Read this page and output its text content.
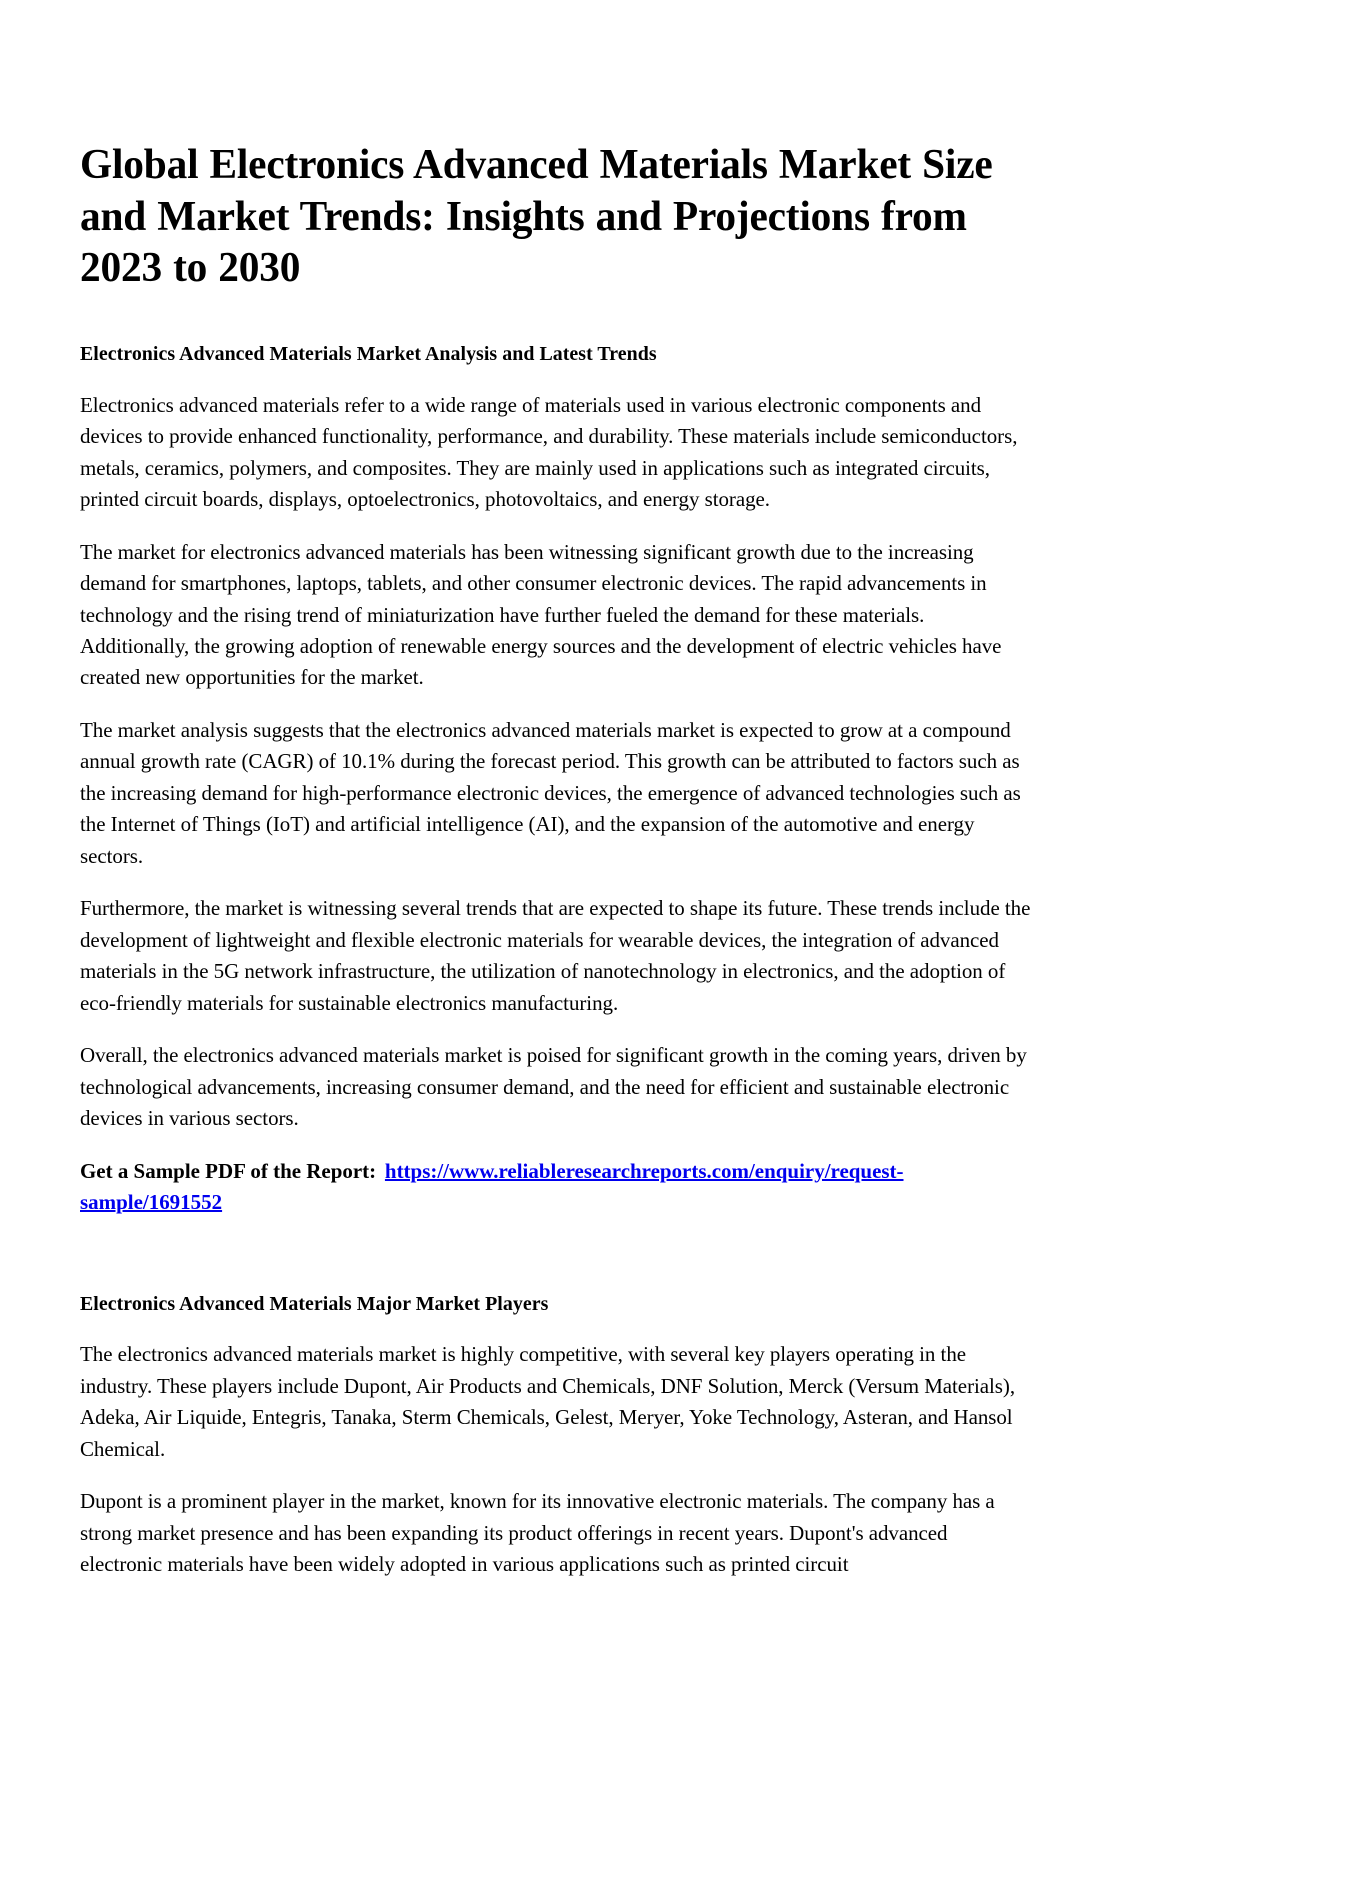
Global Electronics Advanced Materials Market Size and Market Trends: Insights and Projections from 2023 to 2030
Electronics Advanced Materials Market Analysis and Latest Trends

Electronics advanced materials refer to a wide range of materials used in various electronic components and devices to provide enhanced functionality, performance, and durability. These materials include semiconductors, metals, ceramics, polymers, and composites. They are mainly used in applications such as integrated circuits, printed circuit boards, displays, optoelectronics, photovoltaics, and energy storage.

The market for electronics advanced materials has been witnessing significant growth due to the increasing demand for smartphones, laptops, tablets, and other consumer electronic devices. The rapid advancements in technology and the rising trend of miniaturization have further fueled the demand for these materials. Additionally, the growing adoption of renewable energy sources and the development of electric vehicles have created new opportunities for the market.

The market analysis suggests that the electronics advanced materials market is expected to grow at a compound annual growth rate (CAGR) of 10.1% during the forecast period. This growth can be attributed to factors such as the increasing demand for high-performance electronic devices, the emergence of advanced technologies such as the Internet of Things (IoT) and artificial intelligence (AI), and the expansion of the automotive and energy sectors.

Furthermore, the market is witnessing several trends that are expected to shape its future. These trends include the development of lightweight and flexible electronic materials for wearable devices, the integration of advanced materials in the 5G network infrastructure, the utilization of nanotechnology in electronics, and the adoption of eco-friendly materials for sustainable electronics manufacturing.

Overall, the electronics advanced materials market is poised for significant growth in the coming years, driven by technological advancements, increasing consumer demand, and the need for efficient and sustainable electronic devices in various sectors.

Get a Sample PDF of the Report: https://www.reliableresearchreports.com/enquiry/request-sample/1691552
Electronics Advanced Materials Major Market Players

The electronics advanced materials market is highly competitive, with several key players operating in the industry. These players include Dupont, Air Products and Chemicals, DNF Solution, Merck (Versum Materials), Adeka, Air Liquide, Entegris, Tanaka, Sterm Chemicals, Gelest, Meryer, Yoke Technology, Asteran, and Hansol Chemical.

Dupont is a prominent player in the market, known for its innovative electronic materials. The company has a strong market presence and has been expanding its product offerings in recent years. Dupont's advanced electronic materials have been widely adopted in various applications such as printed circuit
